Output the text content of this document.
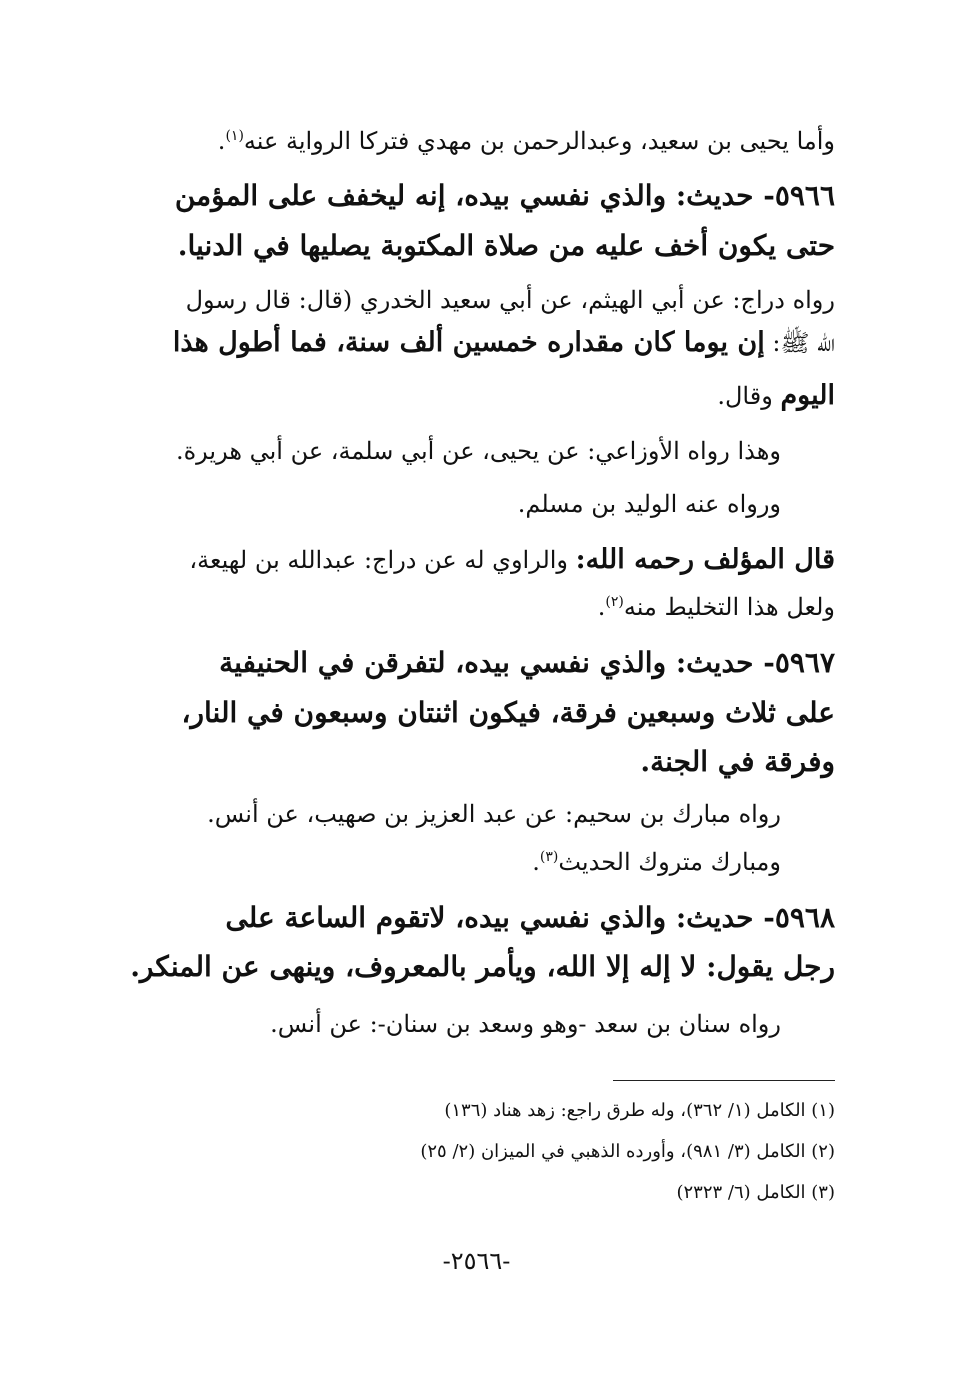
وأما يحيى بن سعيد، وعبدالرحمن بن مهدي فتركا الرواية عنه$^{(١)}$.
٥٩٦٦- حديث: والذي نفسي بيده، إنه ليخفف على المؤمن
حتى يكون أخف عليه من صلاة المكتوبة يصليها في الدنيا.
رواه دراج: عن أبي الهيثم، عن أبي سعيد الخدري (قال: قال رسول
الله ﷺ: إن يوما كان مقداره خمسين ألف سنة، فما أطول هذا
اليوم وقال.
وهذا رواه الأوزاعي: عن يحيى، عن أبي سلمة، عن أبي هريرة.
ورواه عنه الوليد بن مسلم.
قال المؤلف رحمه الله: والراوي له عن دراج: عبدالله بن لهيعة،
ولعل هذا التخليط منه$^{(٢)}$.
٥٩٦٧- حديث: والذي نفسي بيده، لتفرقن في الحنيفية
على ثلاث وسبعين فرقة، فيكون اثنتان وسبعون في النار،
وفرقة في الجنة.
رواه مبارك بن سحيم: عن عبد العزيز بن صهيب، عن أنس.
ومبارك متروك الحديث$^{(٣)}$.
٥٩٦٨- حديث: والذي نفسي بيده، لاتقوم الساعة على
رجل يقول: لا إله إلا الله، ويأمر بالمعروف، وينهى عن المنكر.
رواه سنان بن سعد -وهو وسعد بن سنان-: عن أنس.
(١) الكامل (١/ ٣٦٢)، وله طرق راجع: زهد هناد (١٣٦)
(٢) الكامل (٣/ ٩٨١)، وأورده الذهبي في الميزان (٢/ ٢٥)
(٣) الكامل (٦/ ٢٣٢٣)
-٢٥٦٦-
